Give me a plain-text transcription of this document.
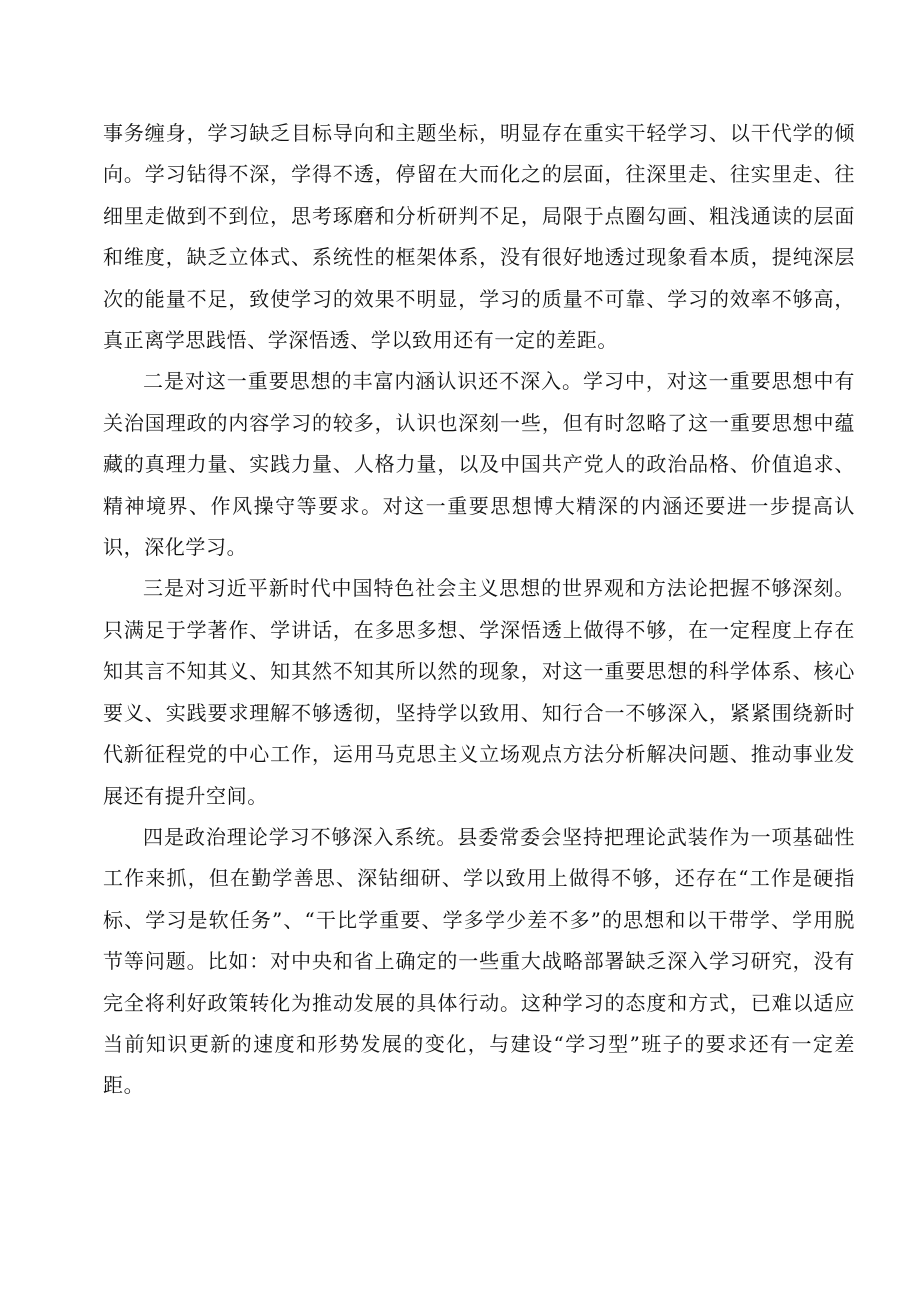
事务缠身，学习缺乏目标导向和主题坐标，明显存在重实干轻学习、以干代学的倾向。学习钻得不深，学得不透，停留在大而化之的层面，往深里走、往实里走、往细里走做到不到位，思考琢磨和分析研判不足，局限于点圈勾画、粗浅通读的层面和维度，缺乏立体式、系统性的框架体系，没有很好地透过现象看本质，提纯深层次的能量不足，致使学习的效果不明显，学习的质量不可靠、学习的效率不够高，真正离学思践悟、学深悟透、学以致用还有一定的差距。

二是对这一重要思想的丰富内涵认识还不深入。学习中，对这一重要思想中有关治国理政的内容学习的较多，认识也深刻一些，但有时忽略了这一重要思想中蕴藏的真理力量、实践力量、人格力量，以及中国共产党人的政治品格、价值追求、精神境界、作风操守等要求。对这一重要思想博大精深的内涵还要进一步提高认识，深化学习。

三是对习近平新时代中国特色社会主义思想的世界观和方法论把握不够深刻。只满足于学著作、学讲话，在多思多想、学深悟透上做得不够，在一定程度上存在知其言不知其义、知其然不知其所以然的现象，对这一重要思想的科学体系、核心要义、实践要求理解不够透彻，坚持学以致用、知行合一不够深入，紧紧围绕新时代新征程党的中心工作，运用马克思主义立场观点方法分析解决问题、推动事业发展还有提升空间。

四是政治理论学习不够深入系统。县委常委会坚持把理论武装作为一项基础性工作来抓，但在勤学善思、深钻细研、学以致用上做得不够，还存在“工作是硬指标、学习是软任务”、“干比学重要、学多学少差不多”的思想和以干带学、学用脱节等问题。比如：对中央和省上确定的一些重大战略部署缺乏深入学习研究，没有完全将利好政策转化为推动发展的具体行动。这种学习的态度和方式，已难以适应当前知识更新的速度和形势发展的变化，与建设“学习型”班子的要求还有一定差距。
